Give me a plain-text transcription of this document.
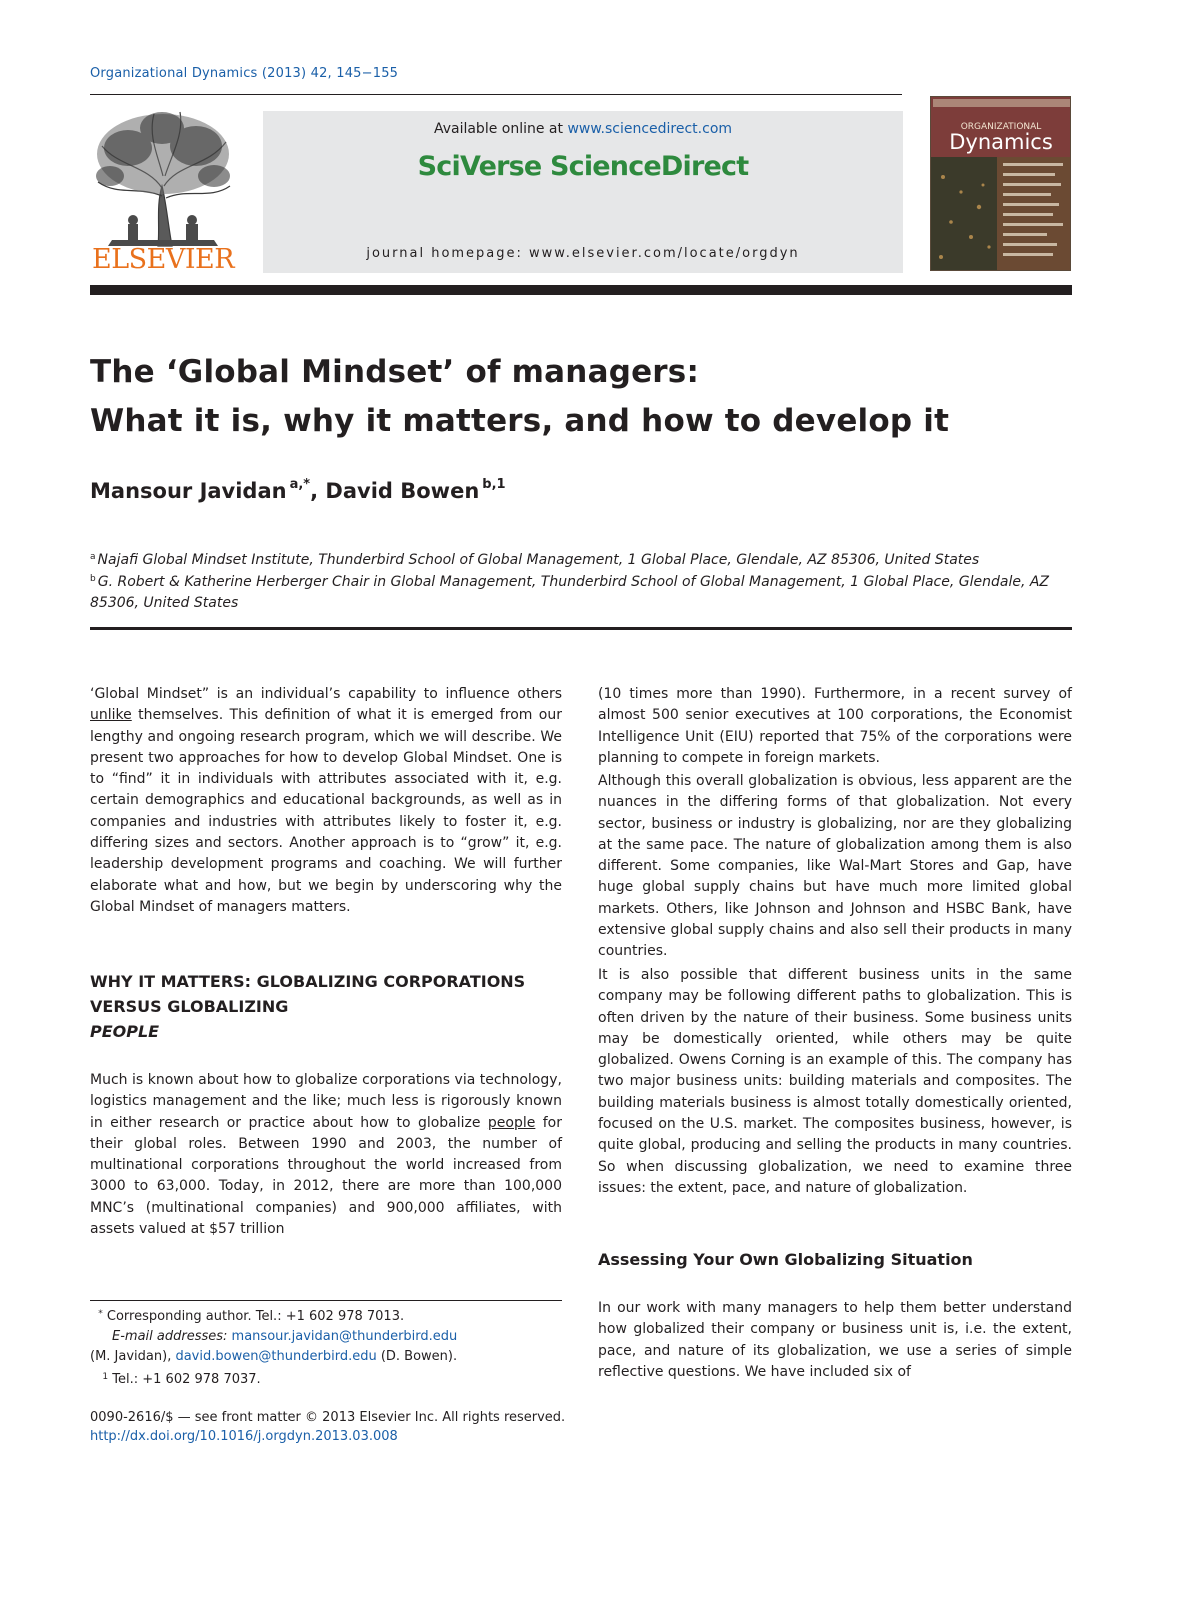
Organizational Dynamics (2013) 42, 145−155
ELSEVIER
Available online at www.sciencedirect.com
SciVerse ScienceDirect
journal homepage: www.elsevier.com/locate/orgdyn
ORGANIZATIONAL
Dynamics
The ‘Global Mindset’ of managers:
What it is, why it matters, and how to develop it
Mansour Javidan $^{a,*}$, David Bowen $^{b,1}$
$^a$ Najafi Global Mindset Institute, Thunderbird School of Global Management, 1 Global Place, Glendale, AZ 85306, United States
$^b$ G. Robert & Katherine Herberger Chair in Global Management, Thunderbird School of Global Management, 1 Global Place, Glendale, AZ 85306, United States

‘Global Mindset” is an individual’s capability to influence others unlike themselves. This definition of what it is emerged from our lengthy and ongoing research program, which we will describe. We present two approaches for how to develop Global Mindset. One is to “find” it in individuals with attributes associated with it, e.g. certain demographics and educational backgrounds, as well as in companies and industries with attributes likely to foster it, e.g. differing sizes and sectors. Another approach is to “grow” it, e.g. leadership development programs and coaching. We will further elaborate what and how, but we begin by underscoring why the Global Mindset of managers matters.

WHY IT MATTERS: GLOBALIZING CORPORATIONS VERSUS GLOBALIZING
PEOPLE

Much is known about how to globalize corporations via technology, logistics management and the like; much less is rigorously known in either research or practice about how to globalize people for their global roles. Between 1990 and 2003, the number of multinational corporations throughout the world increased from 3000 to 63,000. Today, in 2012, there are more than 100,000 MNC’s (multinational companies) and 900,000 affiliates, with assets valued at $57 trillion

(10 times more than 1990). Furthermore, in a recent survey of almost 500 senior executives at 100 corporations, the Economist Intelligence Unit (EIU) reported that 75% of the corporations were planning to compete in foreign markets.

Although this overall globalization is obvious, less apparent are the nuances in the differing forms of that globalization. Not every sector, business or industry is globalizing, nor are they globalizing at the same pace. The nature of globalization among them is also different. Some companies, like Wal-Mart Stores and Gap, have huge global supply chains but have much more limited global markets. Others, like Johnson and Johnson and HSBC Bank, have extensive global supply chains and also sell their products in many countries.

It is also possible that different business units in the same company may be following different paths to globalization. This is often driven by the nature of their business. Some business units may be domestically oriented, while others may be quite globalized. Owens Corning is an example of this. The company has two major business units: building materials and composites. The building materials business is almost totally domestically oriented, focused on the U.S. market. The composites business, however, is quite global, producing and selling the products in many countries. So when discussing globalization, we need to examine three issues: the extent, pace, and nature of globalization.

Assessing Your Own Globalizing Situation

In our work with many managers to help them better understand how globalized their company or business unit is, i.e. the extent, pace, and nature of its globalization, we use a series of simple reflective questions. We have included six of

* Corresponding author. Tel.: +1 602 978 7013.
E-mail addresses: mansour.javidan@thunderbird.edu
(M. Javidan), david.bowen@thunderbird.edu (D. Bowen).
$^1$ Tel.: +1 602 978 7037.
0090-2616/$ — see front matter © 2013 Elsevier Inc. All rights reserved.
http://dx.doi.org/10.1016/j.orgdyn.2013.03.008
